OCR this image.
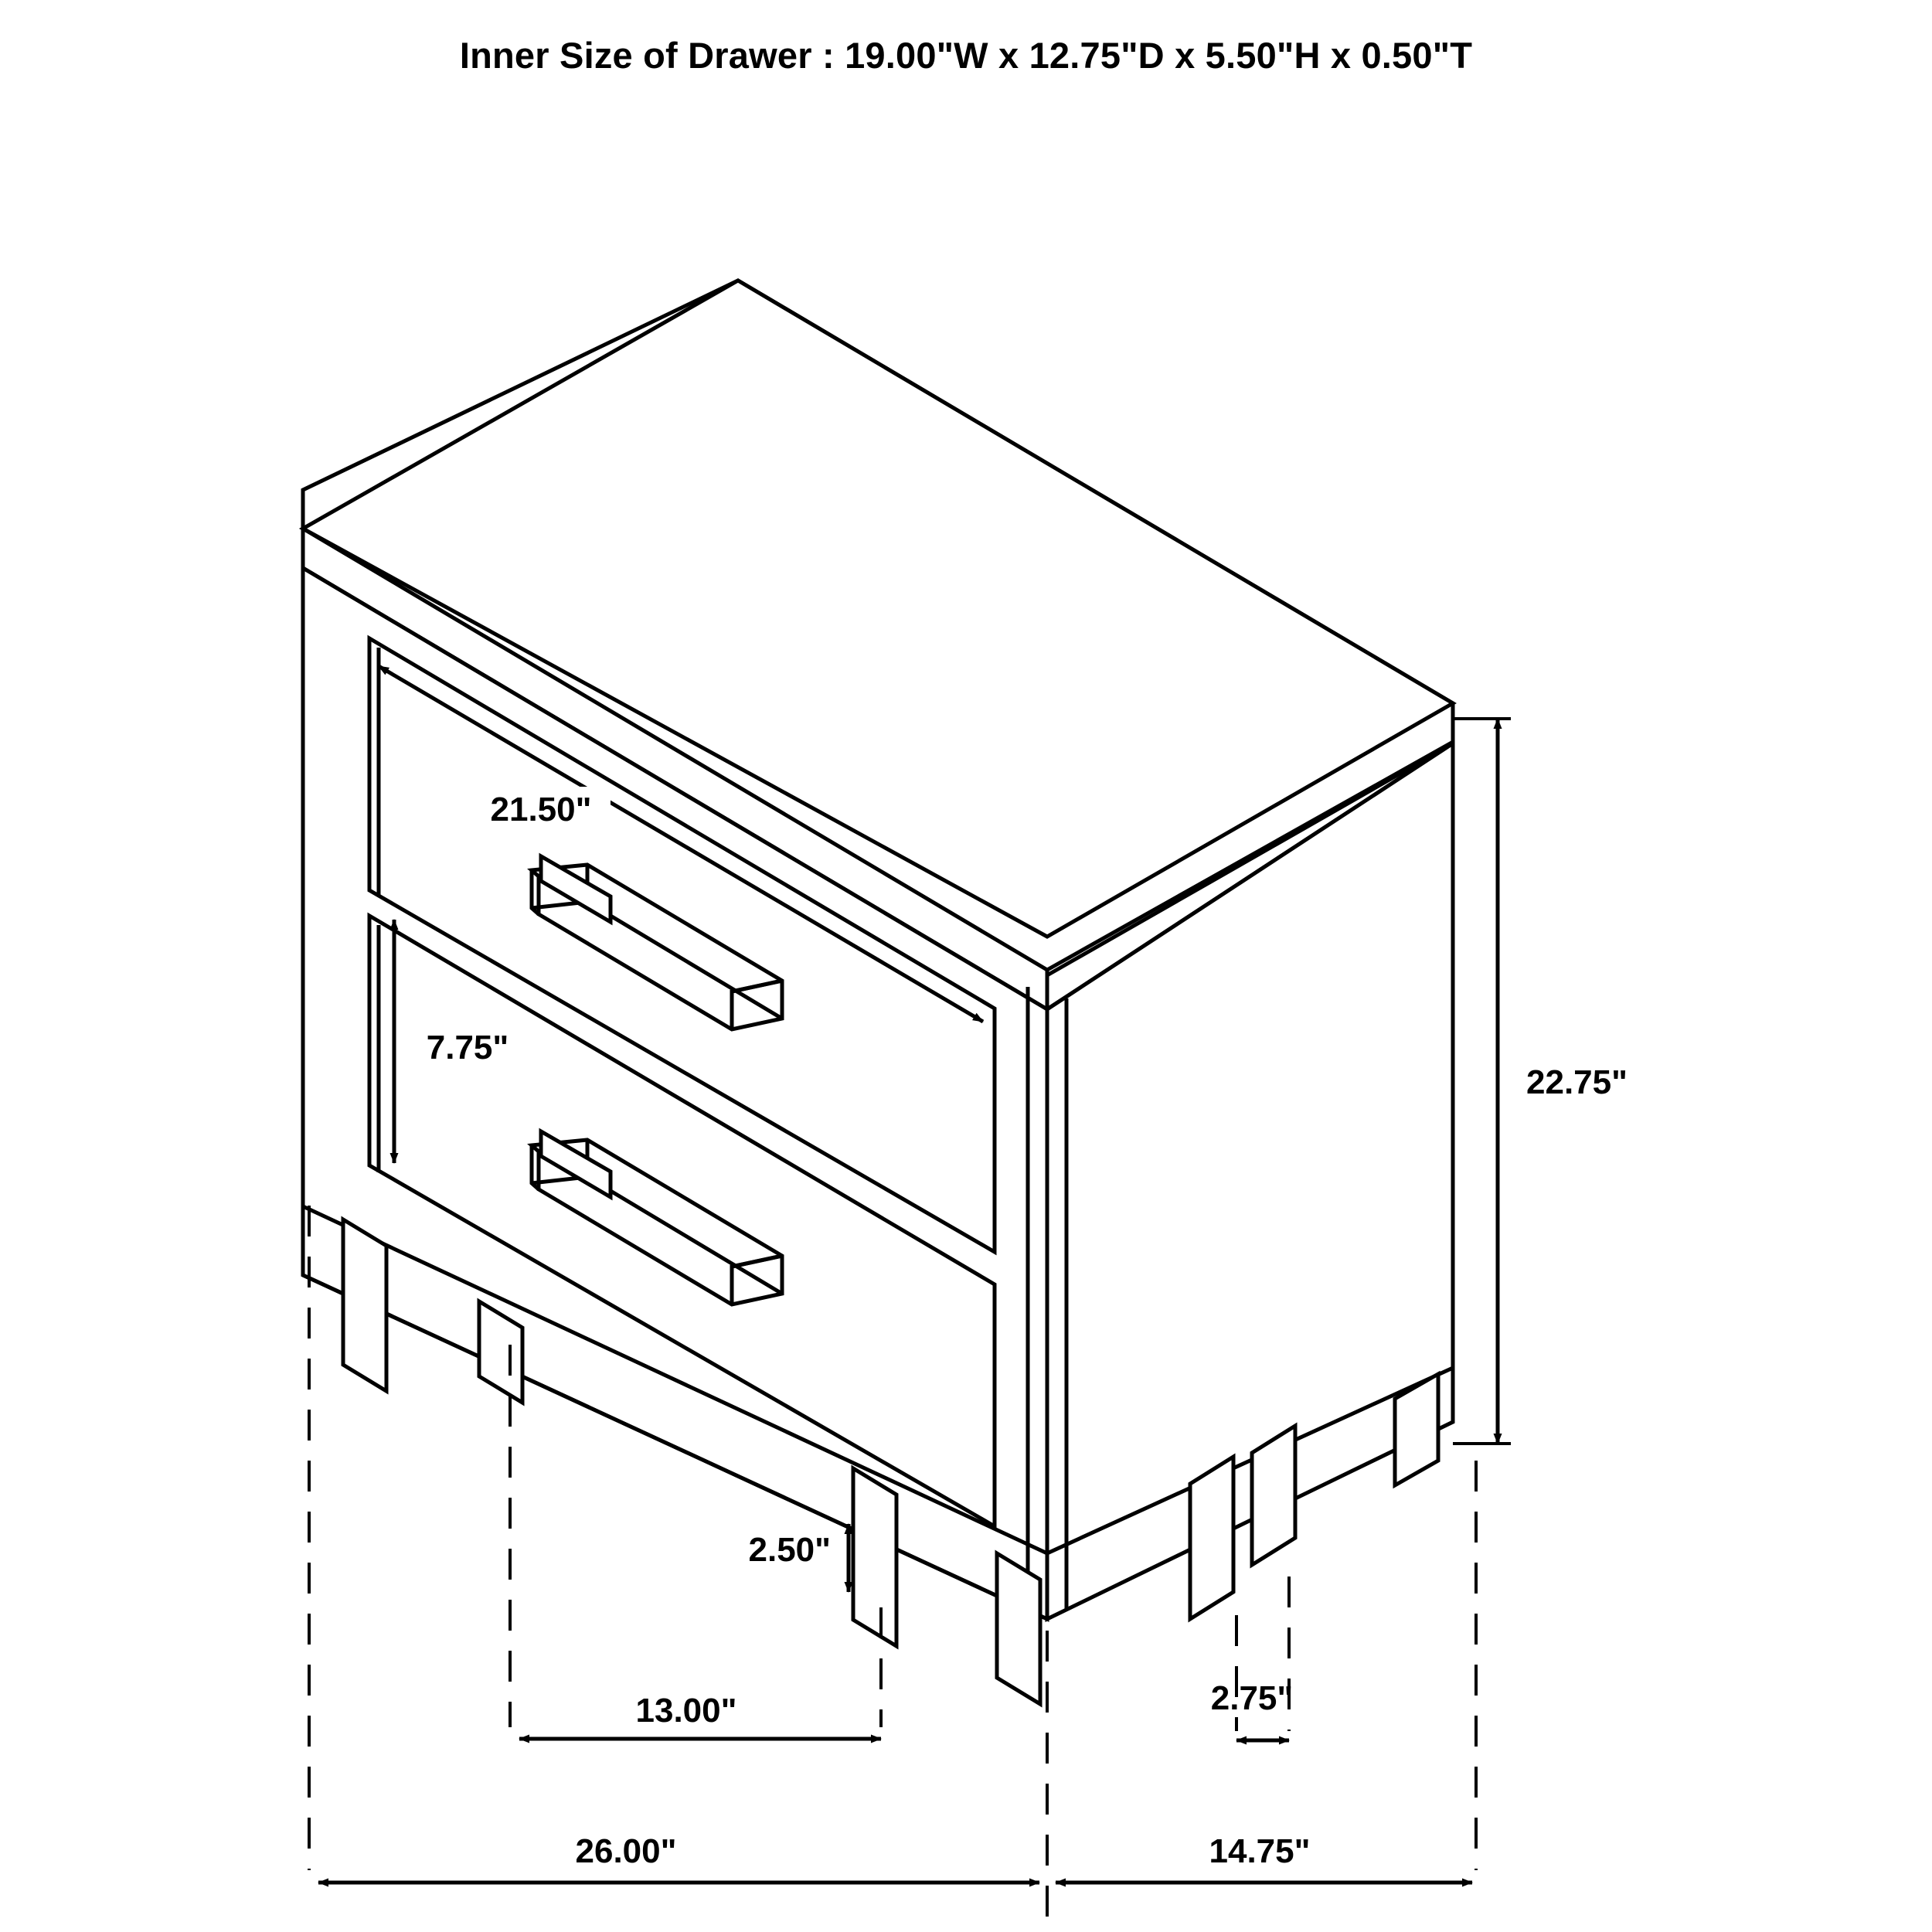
Inner Size of Drawer : 19.00"W x 12.75"D x 5.50"H x 0.50"T
21.50"
7.75"
22.75"
2.50"
13.00"	2.75"
26.00"	14.75"
